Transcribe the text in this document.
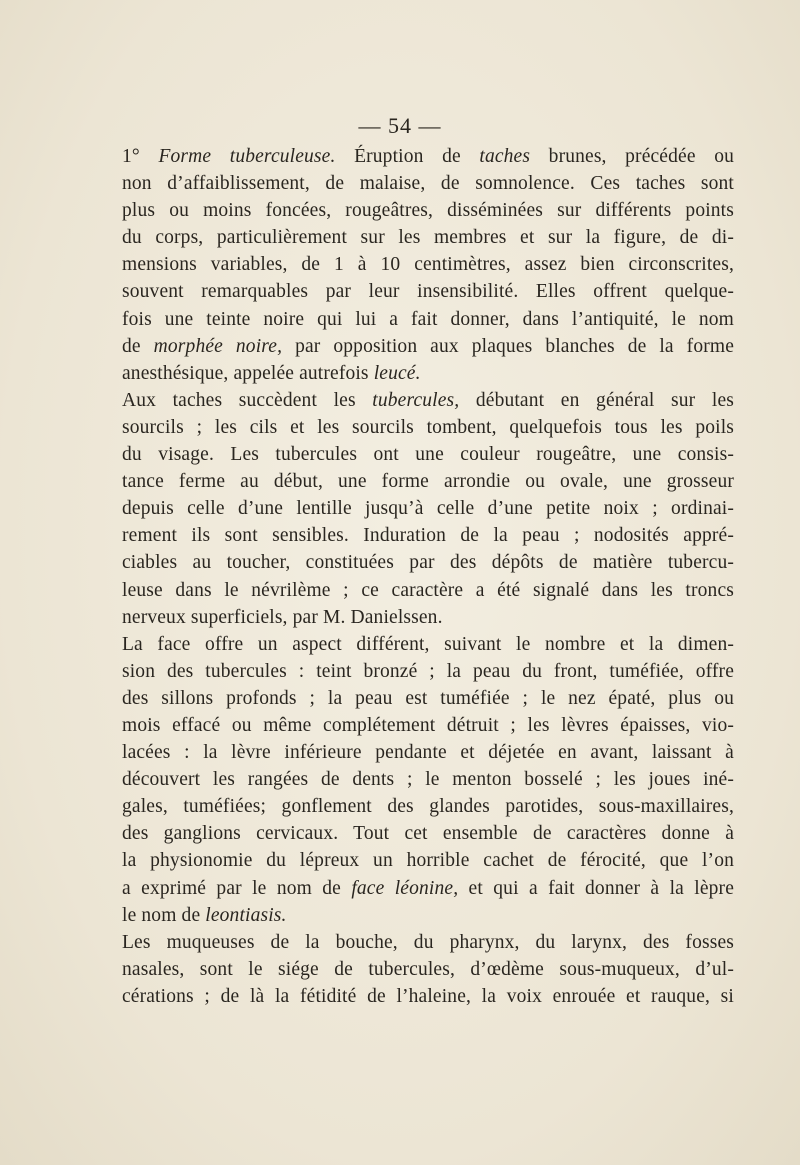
— 54 —
1° Forme tuberculeuse. Éruption de taches brunes, précédée ou
non d’affaiblissement, de malaise, de somnolence. Ces taches sont
plus ou moins foncées, rougeâtres, disséminées sur différents points
du corps, particulièrement sur les membres et sur la figure, de di-
mensions variables, de 1 à 10 centimètres, assez bien circonscrites,
souvent remarquables par leur insensibilité. Elles offrent quelque-
fois une teinte noire qui lui a fait donner, dans l’antiquité, le nom
de morphée noire, par opposition aux plaques blanches de la forme
anesthésique, appelée autrefois leucé.
Aux taches succèdent les tubercules, débutant en général sur les
sourcils ; les cils et les sourcils tombent, quelquefois tous les poils
du visage. Les tubercules ont une couleur rougeâtre, une consis-
tance ferme au début, une forme arrondie ou ovale, une grosseur
depuis celle d’une lentille jusqu’à celle d’une petite noix ; ordinai-
rement ils sont sensibles. Induration de la peau ; nodosités appré-
ciables au toucher, constituées par des dépôts de matière tubercu-
leuse dans le névrilème ; ce caractère a été signalé dans les troncs
nerveux superficiels, par M. Danielssen.
La face offre un aspect différent, suivant le nombre et la dimen-
sion des tubercules : teint bronzé ; la peau du front, tuméfiée, offre
des sillons profonds ; la peau est tuméfiée ; le nez épaté, plus ou
mois effacé ou même complétement détruit ; les lèvres épaisses, vio-
lacées : la lèvre inférieure pendante et déjetée en avant, laissant à
découvert les rangées de dents ; le menton bosselé ; les joues iné-
gales, tuméfiées; gonflement des glandes parotides, sous-maxillaires,
des ganglions cervicaux. Tout cet ensemble de caractères donne à
la physionomie du lépreux un horrible cachet de férocité, que l’on
a exprimé par le nom de face léonine, et qui a fait donner à la lèpre
le nom de leontiasis.
Les muqueuses de la bouche, du pharynx, du larynx, des fosses
nasales, sont le siége de tubercules, d’œdème sous-muqueux, d’ul-
cérations ; de là la fétidité de l’haleine, la voix enrouée et rauque, si
